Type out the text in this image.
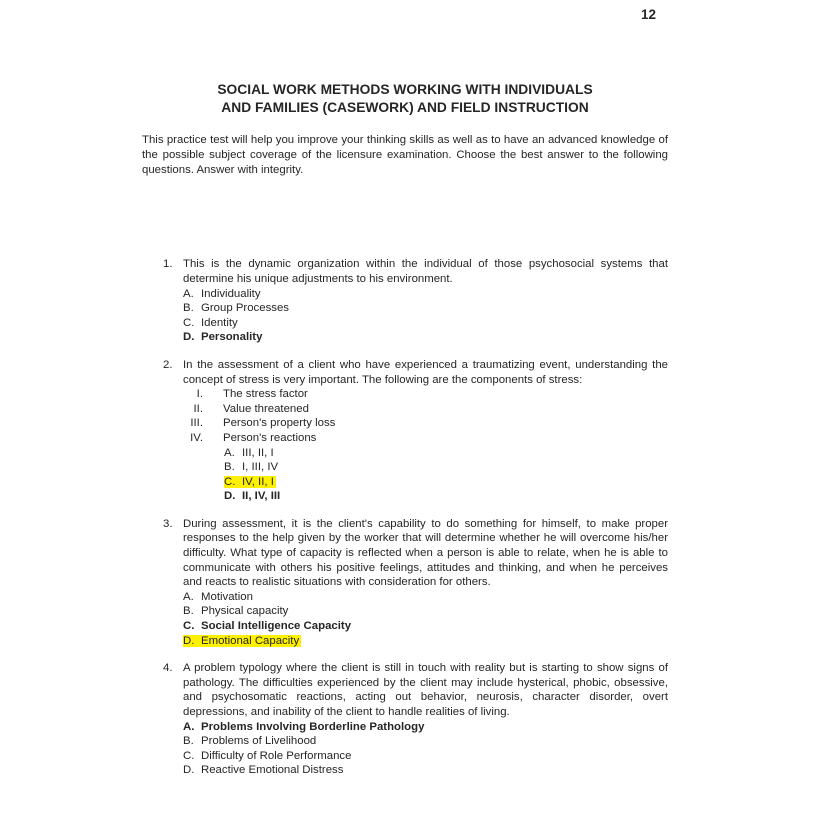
12
SOCIAL WORK METHODS WORKING WITH INDIVIDUALS
AND FAMILIES (CASEWORK) AND FIELD INSTRUCTION
This practice test will help you improve your thinking skills as well as to have an advanced knowledge of the possible subject coverage of the licensure examination. Choose the best answer to the following questions. Answer with integrity.
1. This is the dynamic organization within the individual of those psychosocial systems that determine his unique adjustments to his environment.
A. Individuality
B. Group Processes
C. Identity
D. Personality
2. In the assessment of a client who have experienced a traumatizing event, understanding the concept of stress is very important. The following are the components of stress:
I. The stress factor
II. Value threatened
III. Person's property loss
IV. Person's reactions
A. III, II, I
B. I, III, IV
C. IV, II, I
D. II, IV, III
3. During assessment, it is the client's capability to do something for himself, to make proper responses to the help given by the worker that will determine whether he will overcome his/her difficulty. What type of capacity is reflected when a person is able to relate, when he is able to communicate with others his positive feelings, attitudes and thinking, and when he perceives and reacts to realistic situations with consideration for others.
A. Motivation
B. Physical capacity
C. Social Intelligence Capacity
D. Emotional Capacity
4. A problem typology where the client is still in touch with reality but is starting to show signs of pathology. The difficulties experienced by the client may include hysterical, phobic, obsessive, and psychosomatic reactions, acting out behavior, neurosis, character disorder, overt depressions, and inability of the client to handle realities of living.
A. Problems Involving Borderline Pathology
B. Problems of Livelihood
C. Difficulty of Role Performance
D. Reactive Emotional Distress
